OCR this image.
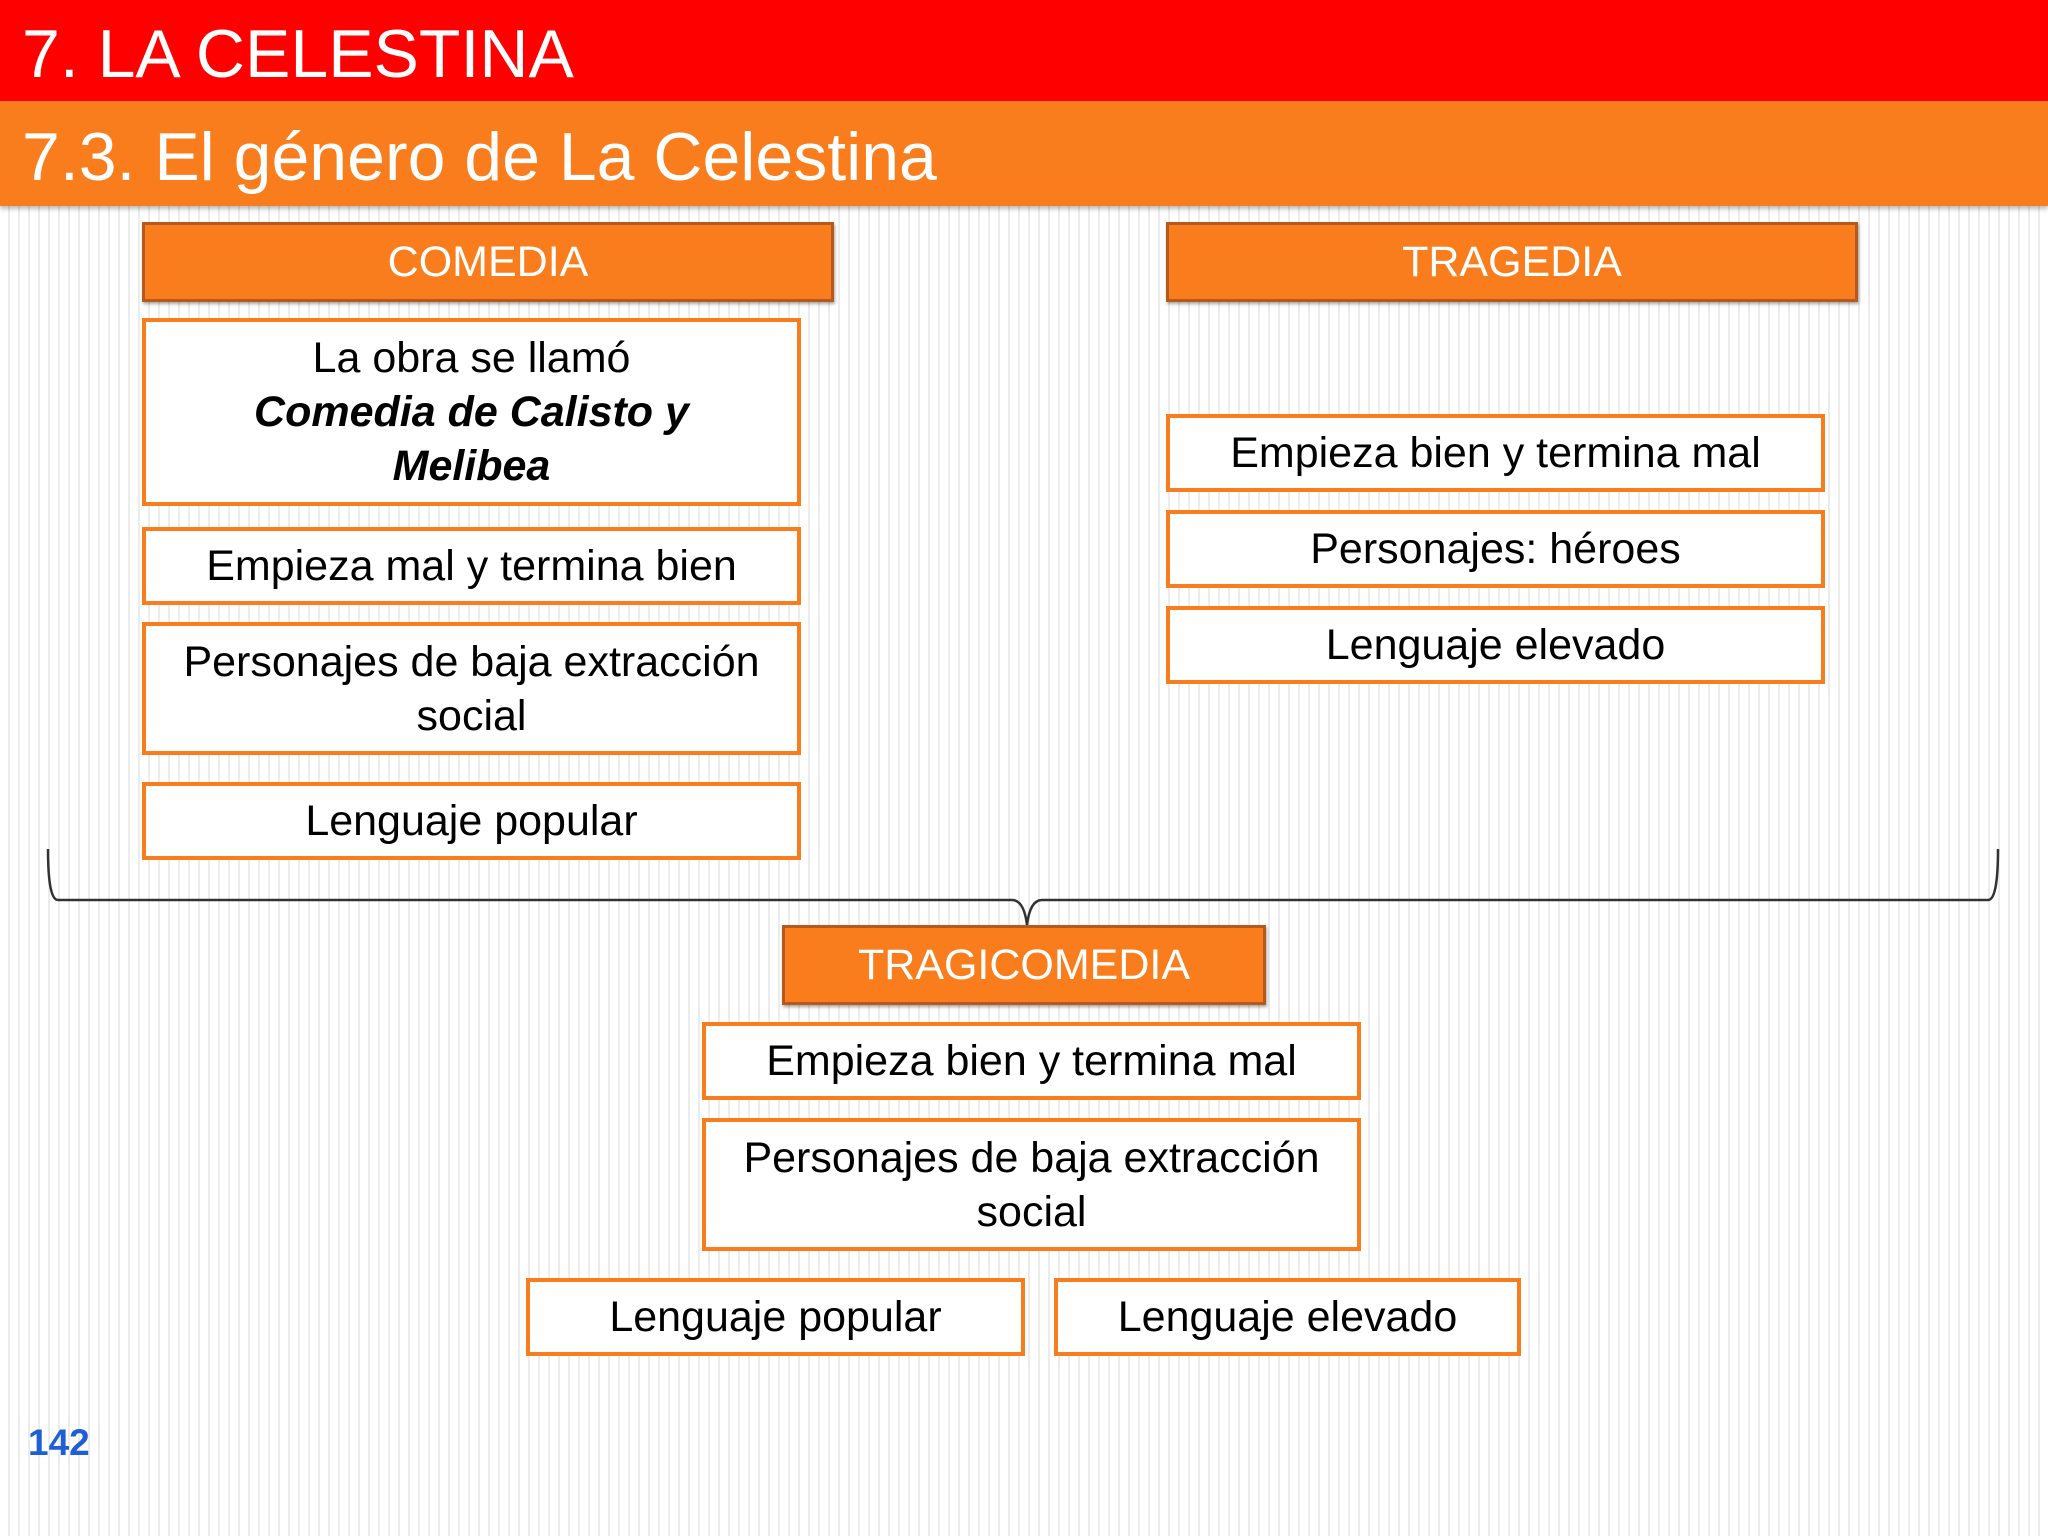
7. LA CELESTINA
7.3. El género de La Celestina
COMEDIA
La obra se llamó
Comedia de Calisto y
Melibea
Empieza mal y termina bien
Personajes de baja extracción social
Lenguaje popular
TRAGEDIA
Empieza bien y termina mal
Personajes: héroes
Lenguaje elevado
TRAGICOMEDIA
Empieza bien y termina mal
Personajes de baja extracción social
Lenguaje popular	Lenguaje elevado
142
